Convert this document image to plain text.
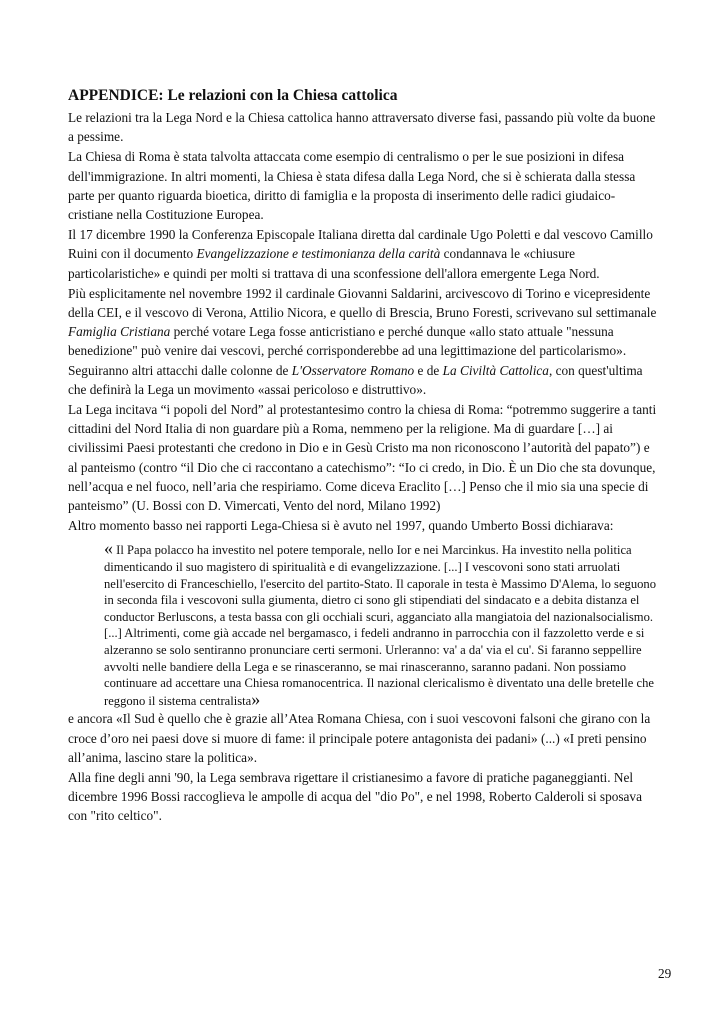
APPENDICE: Le relazioni con la Chiesa cattolica

Le relazioni tra la Lega Nord e la Chiesa cattolica hanno attraversato diverse fasi, passando più volte da buone a pessime.

La Chiesa di Roma è stata talvolta attaccata come esempio di centralismo o per le sue posizioni in difesa dell'immigrazione. In altri momenti, la Chiesa è stata difesa dalla Lega Nord, che si è schierata dalla stessa parte per quanto riguarda bioetica, diritto di famiglia e la proposta di inserimento delle radici giudaico-cristiane nella Costituzione Europea.

Il 17 dicembre 1990 la Conferenza Episcopale Italiana diretta dal cardinale Ugo Poletti e dal vescovo Camillo Ruini con il documento Evangelizzazione e testimonianza della carità condannava le «chiusure particolaristiche» e quindi per molti si trattava di una sconfessione dell'allora emergente Lega Nord.

Più esplicitamente nel novembre 1992 il cardinale Giovanni Saldarini, arcivescovo di Torino e vicepresidente della CEI, e il vescovo di Verona, Attilio Nicora, e quello di Brescia, Bruno Foresti, scrivevano sul settimanale Famiglia Cristiana perché votare Lega fosse anticristiano e perché dunque «allo stato attuale "nessuna benedizione" può venire dai vescovi, perché corrisponderebbe ad una legittimazione del particolarismo». Seguiranno altri attacchi dalle colonne de L'Osservatore Romano e de La Civiltà Cattolica, con quest'ultima che definirà la Lega un movimento «assai pericoloso e distruttivo».

La Lega incitava “i popoli del Nord” al protestantesimo contro la chiesa di Roma: “potremmo suggerire a tanti cittadini del Nord Italia di non guardare più a Roma, nemmeno per la religione. Ma di guardare […] ai civilissimi Paesi protestanti che credono in Dio e in Gesù Cristo ma non riconoscono l’autorità del papato”) e al panteismo (contro “il Dio che ci raccontano a catechismo”: “Io ci credo, in Dio. È un Dio che sta dovunque, nell’acqua e nel fuoco, nell’aria che respiriamo. Come diceva Eraclito […] Penso che il mio sia una specie di panteismo” (U. Bossi con D. Vimercati, Vento del nord, Milano 1992)

Altro momento basso nei rapporti Lega-Chiesa si è avuto nel 1997, quando Umberto Bossi dichiarava:

« Il Papa polacco ha investito nel potere temporale, nello Ior e nei Marcinkus. Ha investito nella politica dimenticando il suo magistero di spiritualità e di evangelizzazione. [...] I vescovoni sono stati arruolati nell'esercito di Franceschiello, l'esercito del partito-Stato. Il caporale in testa è Massimo D'Alema, lo seguono in seconda fila i vescovoni sulla giumenta, dietro ci sono gli stipendiati del sindacato e a debita distanza el conductor Berluscons, a testa bassa con gli occhiali scuri, agganciato alla mangiatoia del nazionalsocialismo. [...] Altrimenti, come già accade nel bergamasco, i fedeli andranno in parrocchia con il fazzoletto verde e si alzeranno se solo sentiranno pronunciare certi sermoni. Urleranno: va' a da' via el cu'. Si faranno seppellire avvolti nelle bandiere della Lega e se rinasceranno, se mai rinasceranno, saranno padani. Non possiamo continuare ad accettare una Chiesa romanocentrica. Il nazional clericalismo è diventato una delle bretelle che reggono il sistema centralista»

e ancora «Il Sud è quello che è grazie all’Atea Romana Chiesa, con i suoi vescovoni falsoni che girano con la croce d’oro nei paesi dove si muore di fame: il principale potere antagonista dei padani» (...) «I preti pensino all’anima, lascino stare la politica».

Alla fine degli anni '90, la Lega sembrava rigettare il cristianesimo a favore di pratiche paganeggianti. Nel dicembre 1996 Bossi raccoglieva le ampolle di acqua del "dio Po", e nel 1998, Roberto Calderoli si sposava con "rito celtico".

29
